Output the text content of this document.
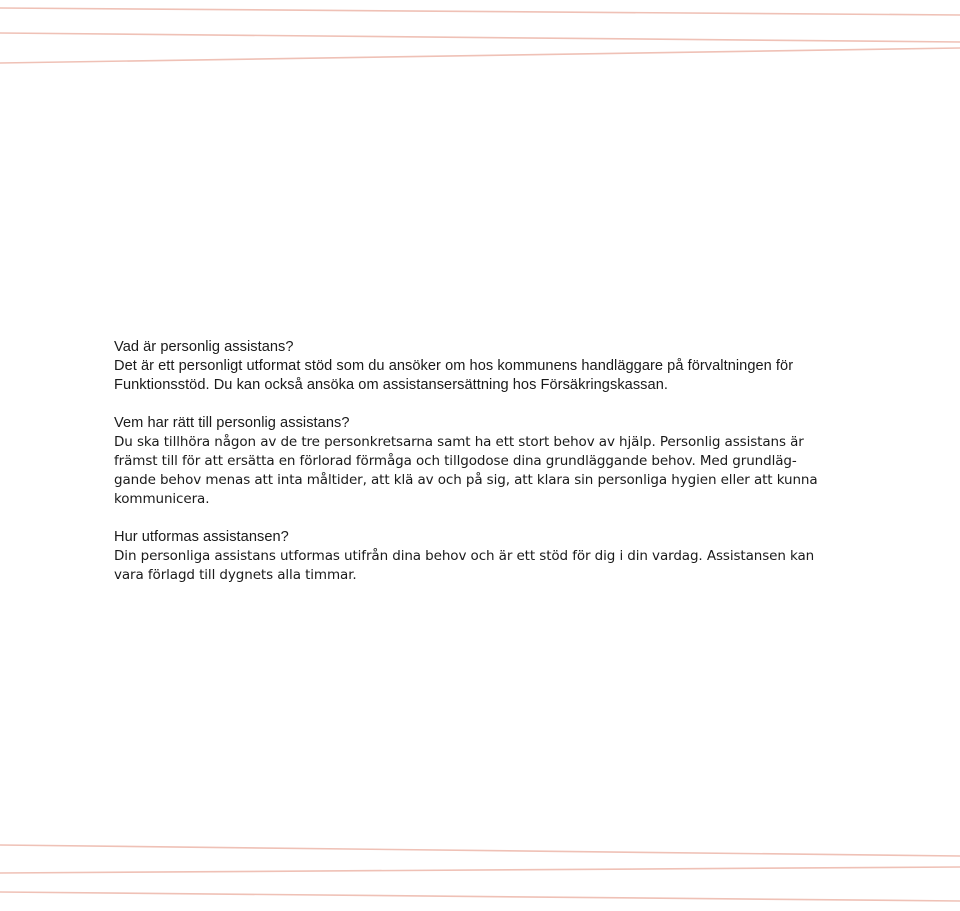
Vad är personlig assistans?

Det är ett personligt utformat stöd som du ansöker om hos kommunens handläggare på förvaltningen för

Funktionsstöd. Du kan också ansöka om assistansersättning hos Försäkringskassan.

Vem har rätt till personlig assistans?

Du ska tillhöra någon av de tre personkretsarna samt ha ett stort behov av hjälp. Personlig assistans är

främst till för att ersätta en förlorad förmåga och tillgodose dina grundläggande behov. Med grundläg-

gande behov menas att inta måltider, att klä av och på sig, att klara sin personliga hygien eller att kunna

kommunicera.

Hur utformas assistansen?

Din personliga assistans utformas utifrån dina behov och är ett stöd för dig i din vardag. Assistansen kan

vara förlagd till dygnets alla timmar.
